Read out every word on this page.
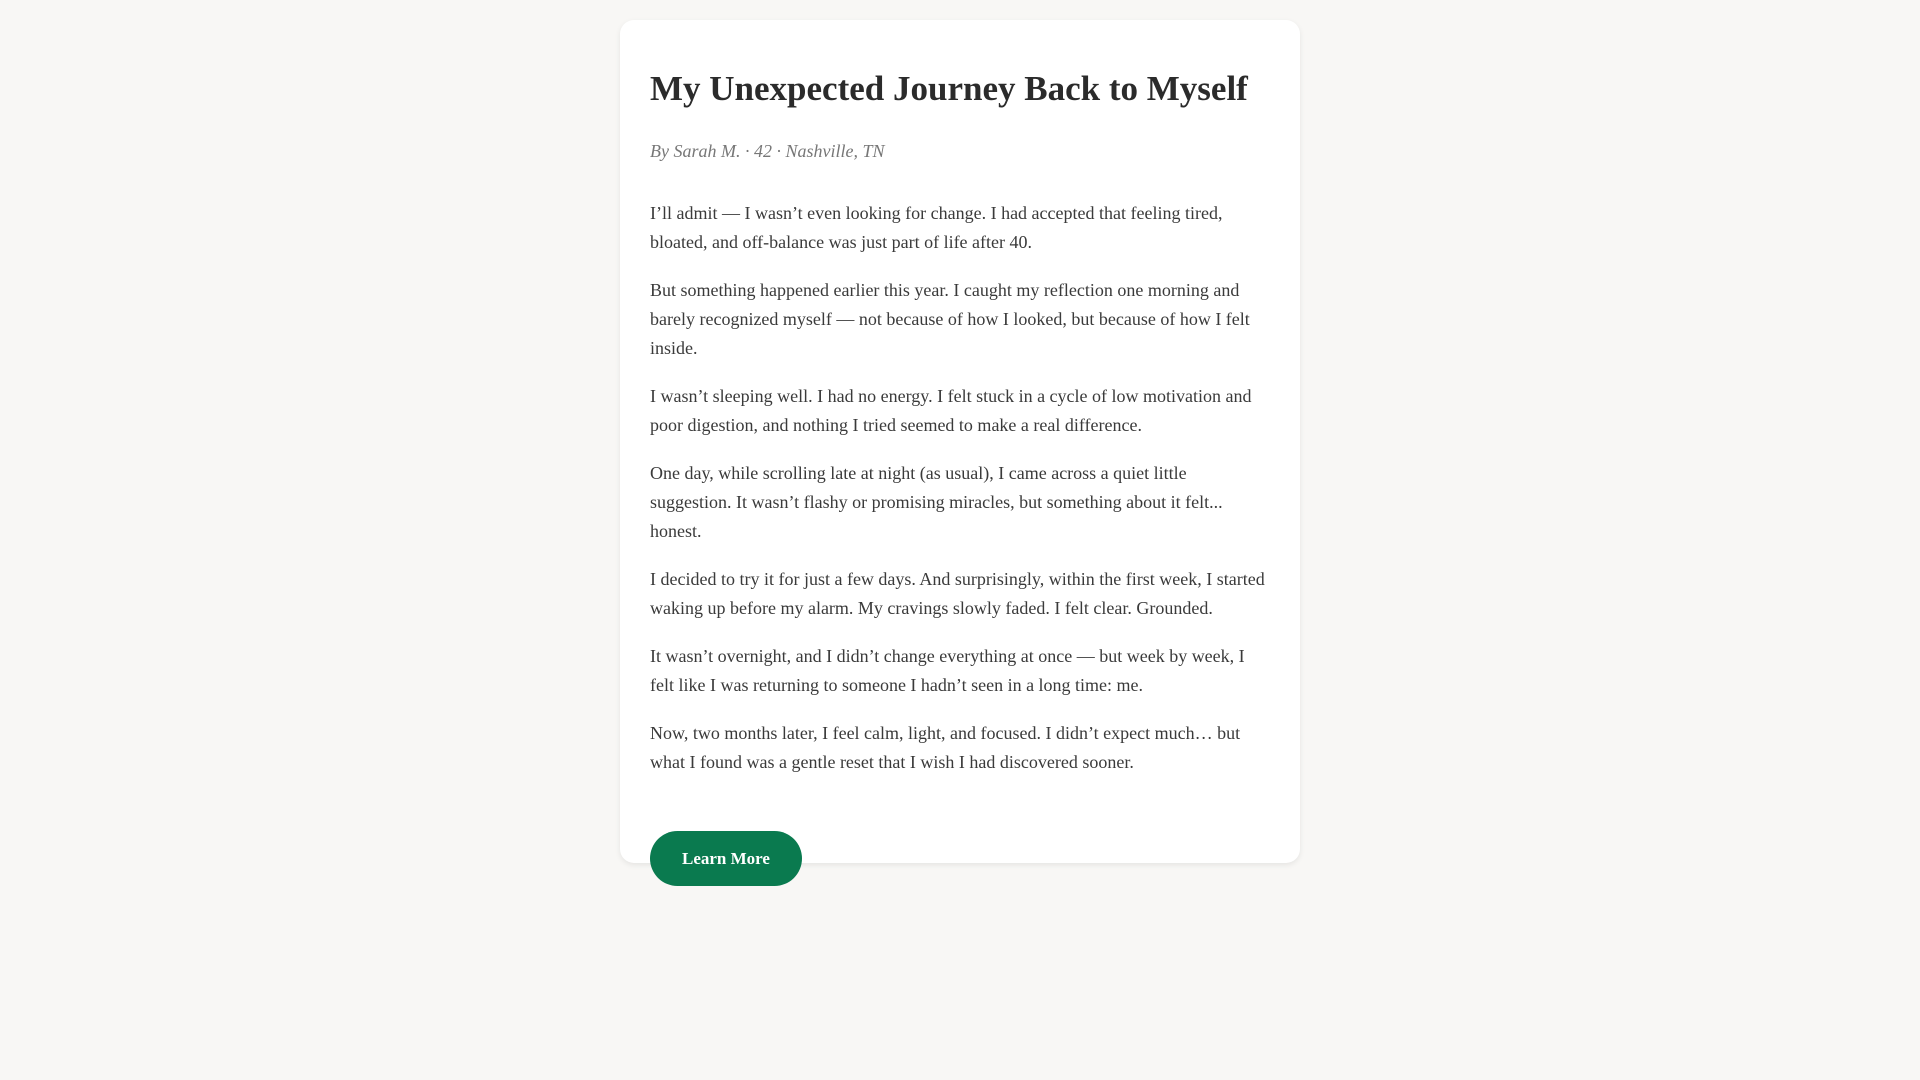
My Unexpected Journey Back to Myself

By Sarah M. · 42 · Nashville, TN

I’ll admit — I wasn’t even looking for change. I had accepted that feeling tired, bloated, and off-balance was just part of life after 40.

But something happened earlier this year. I caught my reflection one morning and barely recognized myself — not because of how I looked, but because of how I felt inside.

I wasn’t sleeping well. I had no energy. I felt stuck in a cycle of low motivation and poor digestion, and nothing I tried seemed to make a real difference.

One day, while scrolling late at night (as usual), I came across a quiet little suggestion. It wasn’t flashy or promising miracles, but something about it felt... honest.

I decided to try it for just a few days. And surprisingly, within the first week, I started waking up before my alarm. My cravings slowly faded. I felt clear. Grounded.

It wasn’t overnight, and I didn’t change everything at once — but week by week, I felt like I was returning to someone I hadn’t seen in a long time: me.

Now, two months later, I feel calm, light, and focused. I didn’t expect much… but what I found was a gentle reset that I wish I had discovered sooner.

Learn More
